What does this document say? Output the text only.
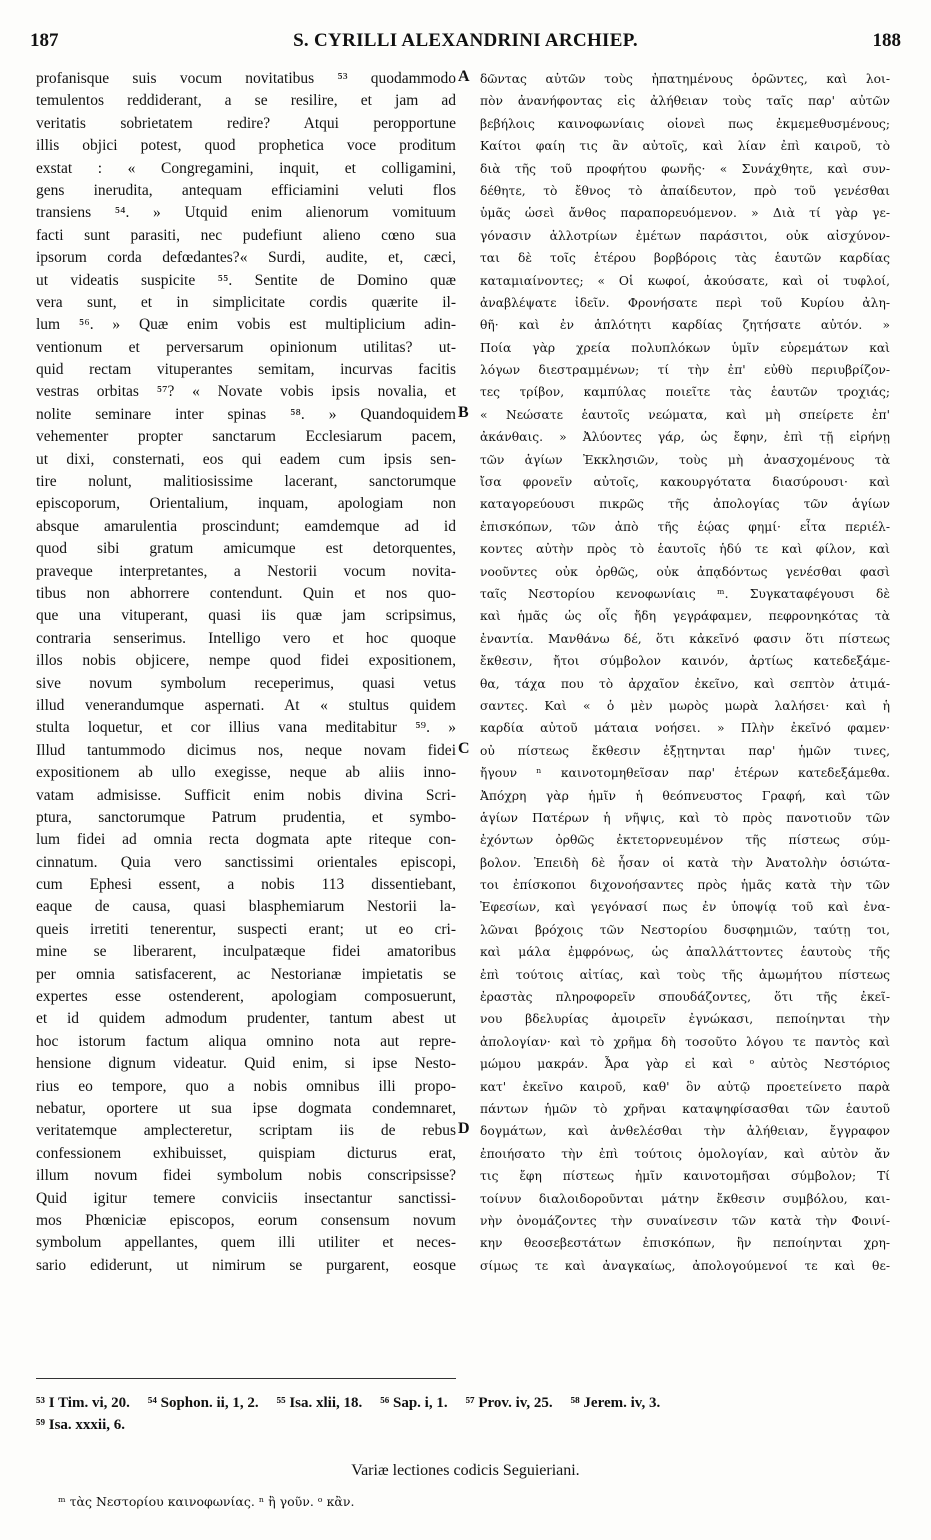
187	S. CYRILLI ALEXANDRINI ARCHIEP.	188
profanisque suis vocum novitatibus ⁵³ quodammodo
temulentos reddiderant, a se resilire, et jam ad
veritatis sobrietatem redire? Atqui peropportune
illis objici potest, quod prophetica voce proditum
exstat : « Congregamini, inquit, et colligamini,
gens inerudita, antequam efficiamini veluti flos
transiens ⁵⁴. » Utquid enim alienorum vomituum
facti sunt parasiti, nec pudefiunt alieno cœno sua
ipsorum corda defœdantes?« Surdi, audite, et, cæci,
ut videatis suspicite ⁵⁵. Sentite de Domino quæ
vera sunt, et in simplicitate cordis quærite il-
lum ⁵⁶. » Quæ enim vobis est multiplicium adin-
ventionum et perversarum opinionum utilitas? ut-
quid rectam vituperantes semitam, incurvas facitis
vestras orbitas ⁵⁷? « Novate vobis ipsis novalia, et
nolite seminare inter spinas ⁵⁸. » Quandoquidem
vehementer propter sanctarum Ecclesiarum pacem,
ut dixi, consternati, eos qui eadem cum ipsis sen-
tire nolunt, malitiosissime lacerant, sanctorumque
episcoporum, Orientalium, inquam, apologiam non
absque amarulentia proscindunt; eamdemque ad id
quod sibi gratum amicumque est detorquentes,
praveque interpretantes, a Nestorii vocum novita-
tibus non abhorrere contendunt. Quin et nos quo-
que una vituperant, quasi iis quæ jam scripsimus,
contraria senserimus. Intelligo vero et hoc quoque
illos nobis objicere, nempe quod fidei expositionem,
sive novum symbolum receperimus, quasi vetus
illud venerandumque aspernati. At « stultus quidem
stulta loquetur, et cor illius vana meditabitur ⁵⁹. »
Illud tantummodo dicimus nos, neque novam fidei
expositionem ab ullo exegisse, neque ab aliis inno-
vatam admisisse. Sufficit enim nobis divina Scri-
ptura, sanctorumque Patrum prudentia, et symbo-
lum fidei ad omnia recta dogmata apte riteque con-
cinnatum. Quia vero sanctissimi orientales episcopi,
cum Ephesi essent, a nobis 113 dissentiebant,
eaque de causa, quasi blasphemiarum Nestorii la-
queis irretiti tenerentur, suspecti erant; ut eo cri-
mine se liberarent, inculpatæque fidei amatoribus
per omnia satisfacerent, ac Nestorianæ impietatis se
expertes esse ostenderent, apologiam composuerunt,
et id quidem admodum prudenter, tantum abest ut
hoc istorum factum aliqua omnino nota aut repre-
hensione dignum videatur. Quid enim, si ipse Nesto-
rius eo tempore, quo a nobis omnibus illi propo-
nebatur, oportere ut sua ipse dogmata condemnaret,
veritatemque amplecteretur, scriptam iis de rebus
confessionem exhibuisset, quispiam dicturus erat,
illum novum fidei symbolum nobis conscripsisse?
Quid igitur temere conviciis insectantur sanctissi-
mos Phœniciæ episcopos, eorum consensum novum
symbolum appellantes, quem illi utiliter et neces-
sario ediderunt, ut nimirum se purgarent, eosque
δῶντας αὐτῶν τοὺς ἠπατημένους ὁρῶντες, καὶ λοι-
πὸν ἀνανήφοντας εἰς ἀλήθειαν τοὺς ταῖς παρ' αὐτῶν
βεβήλοις καινοφωνίαις οἱονεὶ πως ἐκμεμεθυσμένους;
Καίτοι φαίη τις ἂν αὐτοῖς, καὶ λίαν ἐπὶ καιροῦ, τὸ
διὰ τῆς τοῦ προφήτου φωνῆς· « Συνάχθητε, καὶ συν-
δέθητε, τὸ ἔθνος τὸ ἀπαίδευτον, πρὸ τοῦ γενέσθαι
ὑμᾶς ὡσεὶ ἄνθος παραπορευόμενον. » Διὰ τί γὰρ γε-
γόνασιν ἀλλοτρίων ἐμέτων παράσιτοι, οὐκ αἰσχύνον-
ται δὲ τοῖς ἑτέρου βορβόροις τὰς ἑαυτῶν καρδίας
καταμιαίνοντες; « Οἱ κωφοί, ἀκούσατε, καὶ οἱ τυφλοί,
ἀναβλέψατε ἰδεῖν. Φρονήσατε περὶ τοῦ Κυρίου ἀλη-
θῆ· καὶ ἐν ἁπλότητι καρδίας ζητήσατε αὐτόν. »
Ποία γὰρ χρεία πολυπλόκων ὑμῖν εὑρεμάτων καὶ
λόγων διεστραμμένων; τί τὴν ἐπ' εὐθὺ περιυβρίζον-
τες τρίβον, καμπύλας ποιεῖτε τὰς ἑαυτῶν τροχιάς;
« Νεώσατε ἑαυτοῖς νεώματα, καὶ μὴ σπείρετε ἐπ'
ἀκάνθαις. » Ἀλύοντες γάρ, ὡς ἔφην, ἐπὶ τῇ εἰρήνῃ
τῶν ἁγίων Ἐκκλησιῶν, τοὺς μὴ ἀνασχομένους τὰ
ἴσα φρονεῖν αὐτοῖς, κακουργότατα διασύρουσι· καὶ
καταγορεύουσι πικρῶς τῆς ἀπολογίας τῶν ἁγίων
ἐπισκόπων, τῶν ἀπὸ τῆς ἑῴας φημί· εἶτα περιέλ-
κοντες αὐτὴν πρὸς τὸ ἑαυτοῖς ἡδύ τε καὶ φίλον, καὶ
νοοῦντες οὐκ ὀρθῶς, οὐκ ἀπᾳδόντως γενέσθαι φασὶ
ταῖς Νεστορίου κενοφωνίαις ᵐ. Συγκαταφέγουσι δὲ
καὶ ἡμᾶς ὡς οἷς ἤδη γεγράφαμεν, πεφρονηκότας τὰ
ἐναντία. Μανθάνω δέ, ὅτι κἀκεῖνό φασιν ὅτι πίστεως
ἔκθεσιν, ἤτοι σύμβολον καινόν, ἀρτίως κατεδεξάμε-
θα, τάχα που τὸ ἀρχαῖον ἐκεῖνο, καὶ σεπτὸν ἀτιμά-
σαντες. Καὶ « ὁ μὲν μωρὸς μωρὰ λαλήσει· καὶ ἡ
καρδία αὐτοῦ μάταια νοήσει. » Πλὴν ἐκεῖνό φαμεν·
οὐ πίστεως ἔκθεσιν ἐξῃτηνται παρ' ἡμῶν τινες,
ἤγουν ⁿ καινοτομηθεῖσαν παρ' ἑτέρων κατεδεξάμεθα.
Ἀπόχρη γὰρ ἡμῖν ἡ θεόπνευστος Γραφή, καὶ τῶν
ἁγίων Πατέρων ἡ νῆψις, καὶ τὸ πρὸς πανοτιοῦν τῶν
ἐχόντων ὀρθῶς ἐκτετορνευμένον τῆς πίστεως σύμ-
βολον. Ἐπειδὴ δὲ ἦσαν οἱ κατὰ τὴν Ἀνατολὴν ὁσιώτα-
τοι ἐπίσκοποι διχονοήσαντες πρὸς ἡμᾶς κατὰ τὴν τῶν
Ἐφεσίων, καὶ γεγόνασί πως ἐν ὑποψίᾳ τοῦ καὶ ἐνα-
λῶναι βρόχοις τῶν Νεστορίου δυσφημιῶν, ταύτῃ τοι,
καὶ μάλα ἐμφρόνως, ὡς ἀπαλλάττοντες ἑαυτοὺς τῆς
ἐπὶ τούτοις αἰτίας, καὶ τοὺς τῆς ἀμωμήτου πίστεως
ἐραστὰς πληροφορεῖν σπουδάζοντες, ὅτι τῆς ἐκεῖ-
νου βδελυρίας ἀμοιρεῖν ἐγνώκασι, πεποίηνται τὴν
ἀπολογίαν· καὶ τὸ χρῆμα δὴ τοσοῦτο λόγου τε παντὸς καὶ
μώμου μακράν. Ἆρα γὰρ εἰ καὶ ᵒ αὐτὸς Νεστόριος
κατ' ἐκεῖνο καιροῦ, καθ' ὃν αὐτῷ προετείνετο παρὰ
πάντων ἡμῶν τὸ χρῆναι καταψηφίσασθαι τῶν ἑαυτοῦ
δογμάτων, καὶ ἀνθελέσθαι τὴν ἀλήθειαν, ἔγγραφον
ἐποιήσατο τὴν ἐπὶ τούτοις ὁμολογίαν, καὶ αὐτὸν ἄν
τις ἔφη πίστεως ἡμῖν καινοτομῆσαι σύμβολον; Τί
τοίνυν διαλοιδοροῦνται μάτην ἔκθεσιν συμβόλου, και-
νὴν ὀνομάζοντες τὴν συναίνεσιν τῶν κατὰ τὴν Φοινί-
κην θεοσεβεστάτων ἐπισκόπων, ἣν πεποίηνται χρη-
σίμως τε καὶ ἀναγκαίως, ἀπολογούμενοί τε καὶ θε-
A
B
C
D
⁵³ I Tim. vi, 20. ⁵⁴ Sophon. ii, 1, 2. ⁵⁵ Isa. xlii, 18. ⁵⁶ Sap. i, 1. ⁵⁷ Prov. iv, 25. ⁵⁸ Jerem. iv, 3.
⁵⁹ Isa. xxxii, 6.
Variæ lectiones codicis Seguieriani.
ᵐ τὰς Νεστορίου καινοφωνίας. ⁿ ἢ γοῦν. ᵒ κἂν.
